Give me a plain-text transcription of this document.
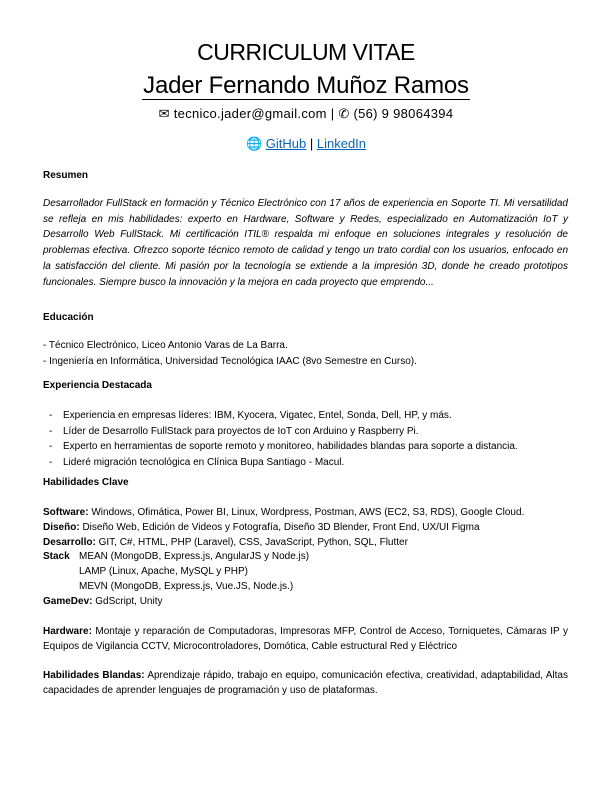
CURRICULUM VITAE
Jader Fernando Muñoz Ramos
✉ tecnico.jader@gmail.com | ✆ (56) 9 98064394
🌐 GitHub | LinkedIn
Resumen
Desarrollador FullStack en formación y Técnico Electrónico con 17 años de experiencia en Soporte TI. Mi versatilidad se refleja en mis habilidades: experto en Hardware, Software y Redes, especializado en Automatización IoT y Desarrollo Web FullStack. Mi certificación ITIL® respalda mi enfoque en soluciones integrales y resolución de problemas efectiva. Ofrezco soporte técnico remoto de calidad y tengo un trato cordial con los usuarios, enfocado en la satisfacción del cliente. Mi pasión por la tecnología se extiende a la impresión 3D, donde he creado prototipos funcionales. Siempre busco la innovación y la mejora en cada proyecto que emprendo...
Educación
- Técnico Electrónico, Liceo Antonio Varas de La Barra.
- Ingeniería en Informática, Universidad Tecnológica IAAC (8vo Semestre en Curso).
Experiencia Destacada
- Experiencia en empresas líderes: IBM, Kyocera, Vigatec, Entel, Sonda, Dell, HP, y más.
- Líder de Desarrollo FullStack para proyectos de IoT con Arduino y Raspberry Pi.
- Experto en herramientas de soporte remoto y monitoreo, habilidades blandas para soporte a distancia.
- Lideré migración tecnológica en Clínica Bupa Santiago - Macul.
Habilidades Clave
Software: Windows, Ofimática, Power BI, Linux, Wordpress, Postman, AWS (EC2, S3, RDS), Google Cloud.
Diseño: Diseño Web, Edición de Videos y Fotografía, Diseño 3D Blender, Front End, UX/UI Figma
Desarrollo: GIT, C#, HTML, PHP (Laravel), CSS, JavaScript, Python, SQL, Flutter
Stack MEAN (MongoDB, Express.js, AngularJS y Node.js)
LAMP (Linux, Apache, MySQL y PHP)
MEVN (MongoDB, Express.js, Vue.JS, Node.js.)
GameDev: GdScript, Unity
Hardware: Montaje y reparación de Computadoras, Impresoras MFP, Control de Acceso, Torniquetes, Cámaras IP y Equipos de Vigilancia CCTV, Microcontroladores, Domótica, Cable estructural Red y Eléctrico
Habilidades Blandas: Aprendizaje rápido, trabajo en equipo, comunicación efectiva, creatividad, adaptabilidad, Altas capacidades de aprender lenguajes de programación y uso de plataformas.
